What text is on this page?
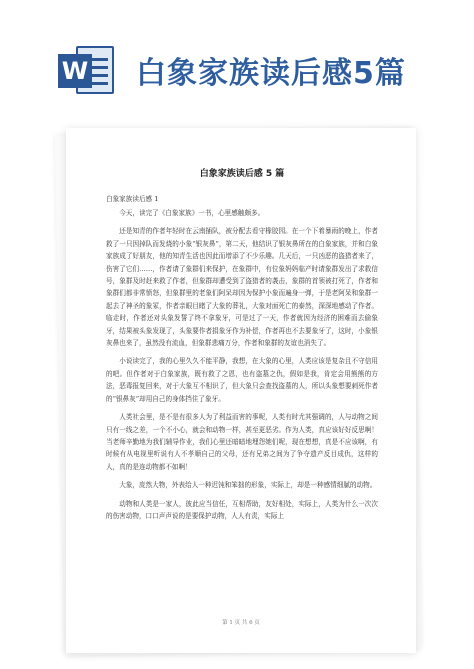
W 白象家族读后感5篇
白象家族读后感 5 篇
白象家族读后感 1

今天，读完了《白象家族》一书，心里感触颇多。

还是知青的作者年轻时在云南插队，被分配去看守橡胶园。在一个下着暴雨的晚上，作者救了一只因掉队而发烧的小象“银灰鼻”，第二天，他结识了银灰鼻所在的白象家族，并和白象家族成了好朋友，他的知青生活也因此而增添了不少乐趣。几天后，一只凶恶的盗猎者来了，伤害了它们……，作者请了象群们来保护，在象群中，有位象妈妈临产时请象群发出了求救信号，象群及时赶来救了作者，但象群却遭受到了盗猎者的袭击，象群的首领被打死了，作者和象群们都非常愤怒，但象群里的老象们阿呆却因为保护小象而遍身一弹，于是老阿呆和象群一起去了神圣的象冢，作者亲眼目睹了大象的葬礼，大象对面死亡的泰然，深深地感动了作者。临走时，作者还对头象发誓了终不拿象牙，可是过了一天，作者就因为经济的困难而去偷象牙，结果被头象发现了，头象要作者捐象牙作为补偿，作者再也不去要象牙了，这时，小象银灰鼻也来了，虽然没有流血，但象群悲痛万分，作者和象群的友谊也消失了。

小说读完了，我的心里久久不能平静，我想，在大象的心里，人类应该是复杂且不守信用的吧。但作者对于白象家族，既有救了之恩，也有盗墓之仇，假如是我，肯定会用熊熊的方法，恶毒报复回来，对于大象互不相识了，但大象只会查找盗墓的人，所以头象想要刺死作者的“银鼻灰”却用自己的身体挡住了象牙。

人类社会里，是不是有很多人为了利益而害的事呢，人类有时尤其强调的，人与动物之间只有一线之差，一个不小心，就会和动物一样，甚至更恶劣。作为人类，真应该好好反思啊！当老师辛勤地为我们辅导作业，我们心里还暗暗地埋怨她们呢，现在想想，真是不应该啊，有时候有从电视里听说有人不孝顺自己的父母，还有兄弟之间为了争夺遗产反目成仇，这样的人，真的是连动物都不如啊！

大象，庞然大物，外表给人一种迟钝和笨拙的形象，实际上，却是一种感情细腻的动物。

动物和人类是一家人，彼此应当信任，互相帮助，友好相处，实际上，人类为什么一次次的伤害动物，口口声声说的是要保护动物，人人有责，实际上

第 1 页 共 6 页
